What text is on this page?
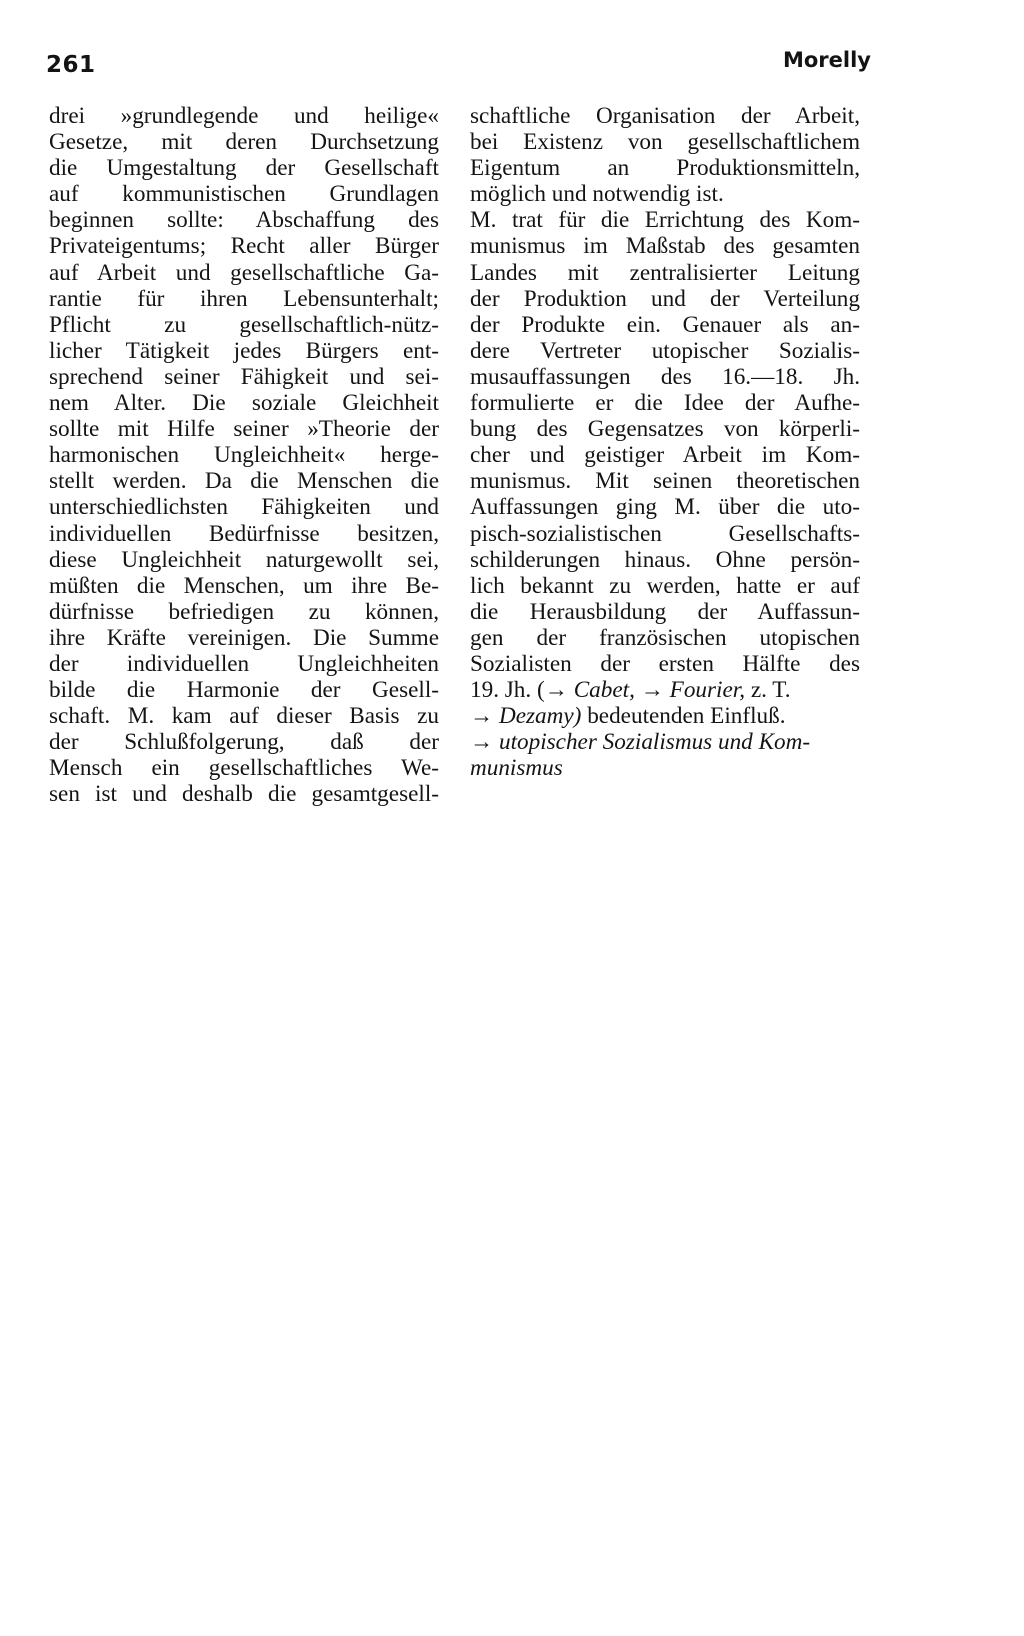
261	Morelly
drei »grundlegende und heilige«
Gesetze, mit deren Durchsetzung
die Umgestaltung der Gesellschaft
auf kommunistischen Grundlagen
beginnen sollte: Abschaffung des
Privateigentums; Recht aller Bürger
auf Arbeit und gesellschaftliche Ga-
rantie für ihren Lebensunterhalt;
Pflicht zu gesellschaftlich-nütz-
licher Tätigkeit jedes Bürgers ent-
sprechend seiner Fähigkeit und sei-
nem Alter. Die soziale Gleichheit
sollte mit Hilfe seiner »Theorie der
harmonischen Ungleichheit« herge-
stellt werden. Da die Menschen die
unterschiedlichsten Fähigkeiten und
individuellen Bedürfnisse besitzen,
diese Ungleichheit naturgewollt sei,
müßten die Menschen, um ihre Be-
dürfnisse befriedigen zu können,
ihre Kräfte vereinigen. Die Summe
der individuellen Ungleichheiten
bilde die Harmonie der Gesell-
schaft. M. kam auf dieser Basis zu
der Schlußfolgerung, daß der
Mensch ein gesellschaftliches We-
sen ist und deshalb die gesamtgesell-
schaftliche Organisation der Arbeit,
bei Existenz von gesellschaftlichem
Eigentum an Produktionsmitteln,
möglich und notwendig ist.
M. trat für die Errichtung des Kom-
munismus im Maßstab des gesamten
Landes mit zentralisierter Leitung
der Produktion und der Verteilung
der Produkte ein. Genauer als an-
dere Vertreter utopischer Sozialis-
musauffassungen des 16.—18. Jh.
formulierte er die Idee der Aufhe-
bung des Gegensatzes von körperli-
cher und geistiger Arbeit im Kom-
munismus. Mit seinen theoretischen
Auffassungen ging M. über die uto-
pisch-sozialistischen Gesellschafts-
schilderungen hinaus. Ohne persön-
lich bekannt zu werden, hatte er auf
die Herausbildung der Auffassun-
gen der französischen utopischen
Sozialisten der ersten Hälfte des
19. Jh. (→ Cabet, → Fourier, z. T.
→ Dezamy) bedeutenden Einfluß.
→ utopischer Sozialismus und Kom-
munismus
